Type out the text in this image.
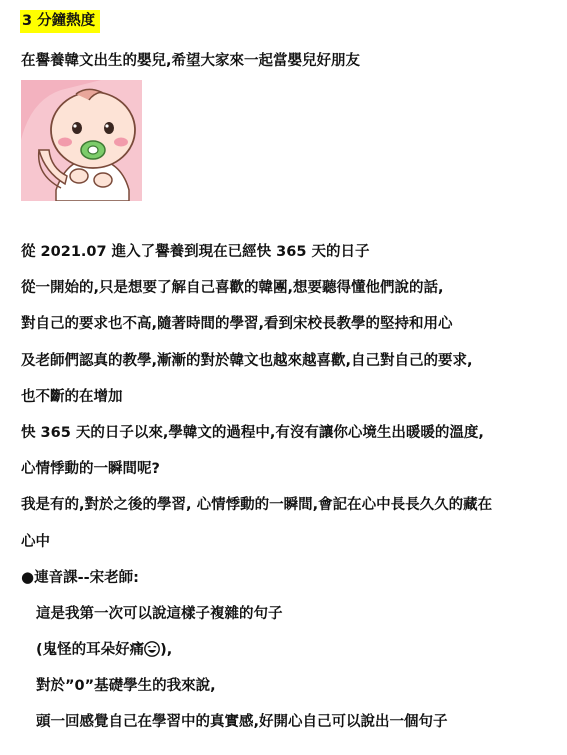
3 分鐘熱度
在譽養韓文出生的嬰兒,希望大家來一起當嬰兒好朋友
從 2021.07 進入了譽養到現在已經快 365 天的日子
從一開始的,只是想要了解自己喜歡的韓團,想要聽得懂他們說的話,
對自己的要求也不高,隨著時間的學習,看到宋校長教學的堅持和用心
及老師們認真的教學,漸漸的對於韓文也越來越喜歡,自己對自己的要求,
也不斷的在增加
快 365 天的日子以來,學韓文的過程中,有沒有讓你心境生出暖暖的溫度,
心情悸動的一瞬間呢?
我是有的,對於之後的學習, 心情悸動的一瞬間,會記在心中長長久久的藏在
心中
●連音課--宋老師:
這是我第一次可以說這樣子複雜的句子
(鬼怪的耳朵好痛 ),
對於”0”基礎學生的我來說,
頭一回感覺自己在學習中的真實感,好開心自己可以說出一個句子
